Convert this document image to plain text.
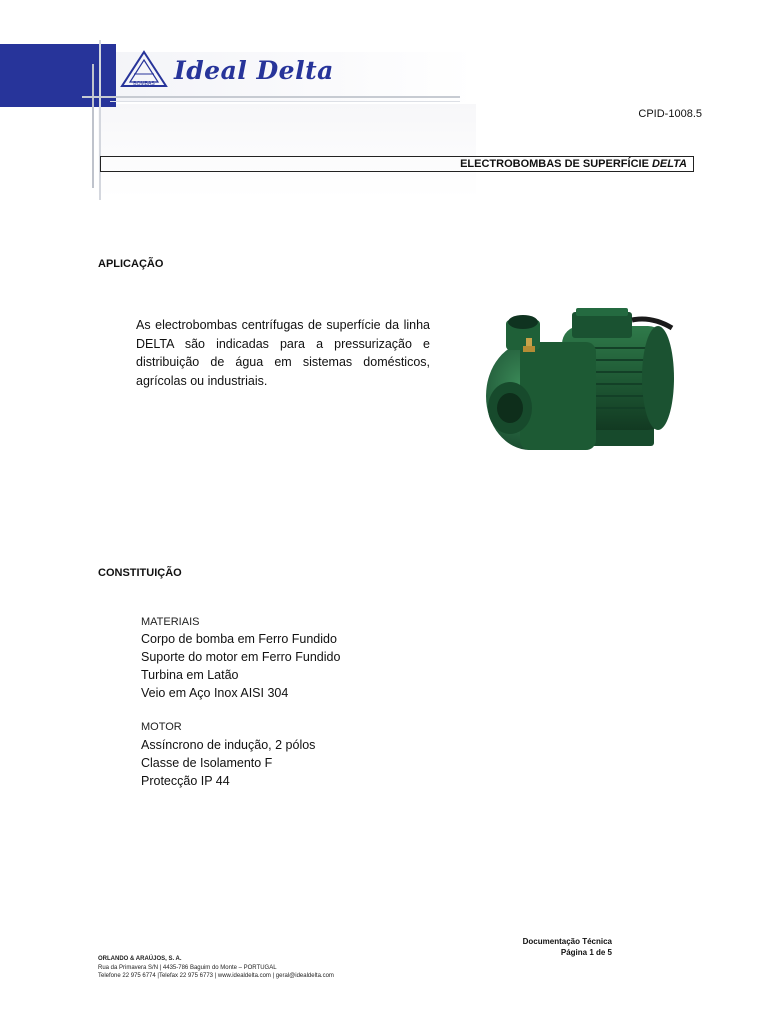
BOMBAS Ideal Delta
CPID-1008.5
ELECTROBOMBAS DE SUPERFÍCIE DELTA
APLICAÇÃO
As electrobombas centrífugas de superfície da linha DELTA são indicadas para a pressurização e distribuição de água em sistemas domésticos, agrícolas ou industriais.
CONSTITUIÇÃO
MATERIAIS
Corpo de bomba em Ferro Fundido
Suporte do motor em Ferro Fundido
Turbina em Latão
Veio em Aço Inox AISI 304
MOTOR
Assíncrono de indução, 2 pólos
Classe de Isolamento F
Protecção IP 44
Documentação Técnica
Página 1 de 5
ORLANDO & ARAÚJOS, S. A.
Rua da Primavera S/N | 4435-786 Baguim do Monte – PORTUGAL
Telefone 22 975 6774 |Telefax 22 975 6773 | www.idealdelta.com | geral@idealdelta.com
